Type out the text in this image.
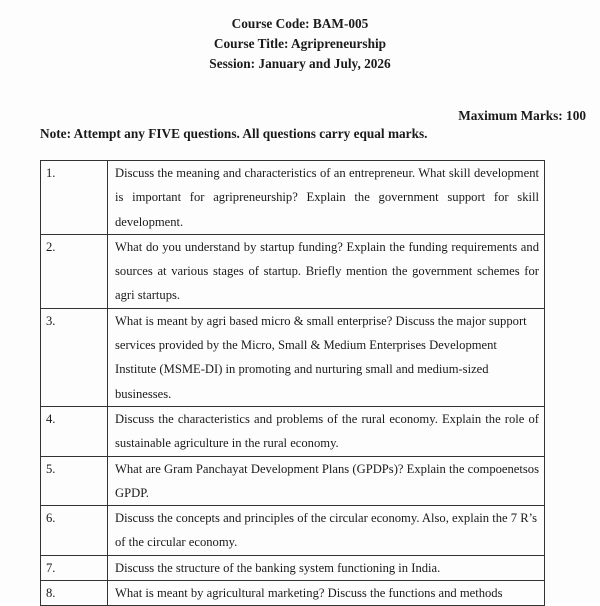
Course Code: BAM-005
Course Title: Agripreneurship
Session: January and July, 2026
Maximum Marks: 100
Note: Attempt any FIVE questions. All questions carry equal marks.
1.	Discuss the meaning and characteristics of an entrepreneur. What skill development is important for agripreneurship? Explain the government support for skill development.
2.	What do you understand by startup funding? Explain the funding requirements and sources at various stages of startup. Briefly mention the government schemes for agri startups.
3.	What is meant by agri based micro & small enterprise? Discuss the major support services provided by the Micro, Small & Medium Enterprises Development Institute (MSME-DI) in promoting and nurturing small and medium-sized businesses.
4.	Discuss the characteristics and problems of the rural economy. Explain the role of sustainable agriculture in the rural economy.
5.	What are Gram Panchayat Development Plans (GPDPs)? Explain the compoenetsos GPDP.
6.	Discuss the concepts and principles of the circular economy. Also, explain the 7 R’s of the circular economy.
7.	Discuss the structure of the banking system functioning in India.
8.	What is meant by agricultural marketing? Discuss the functions and methods
